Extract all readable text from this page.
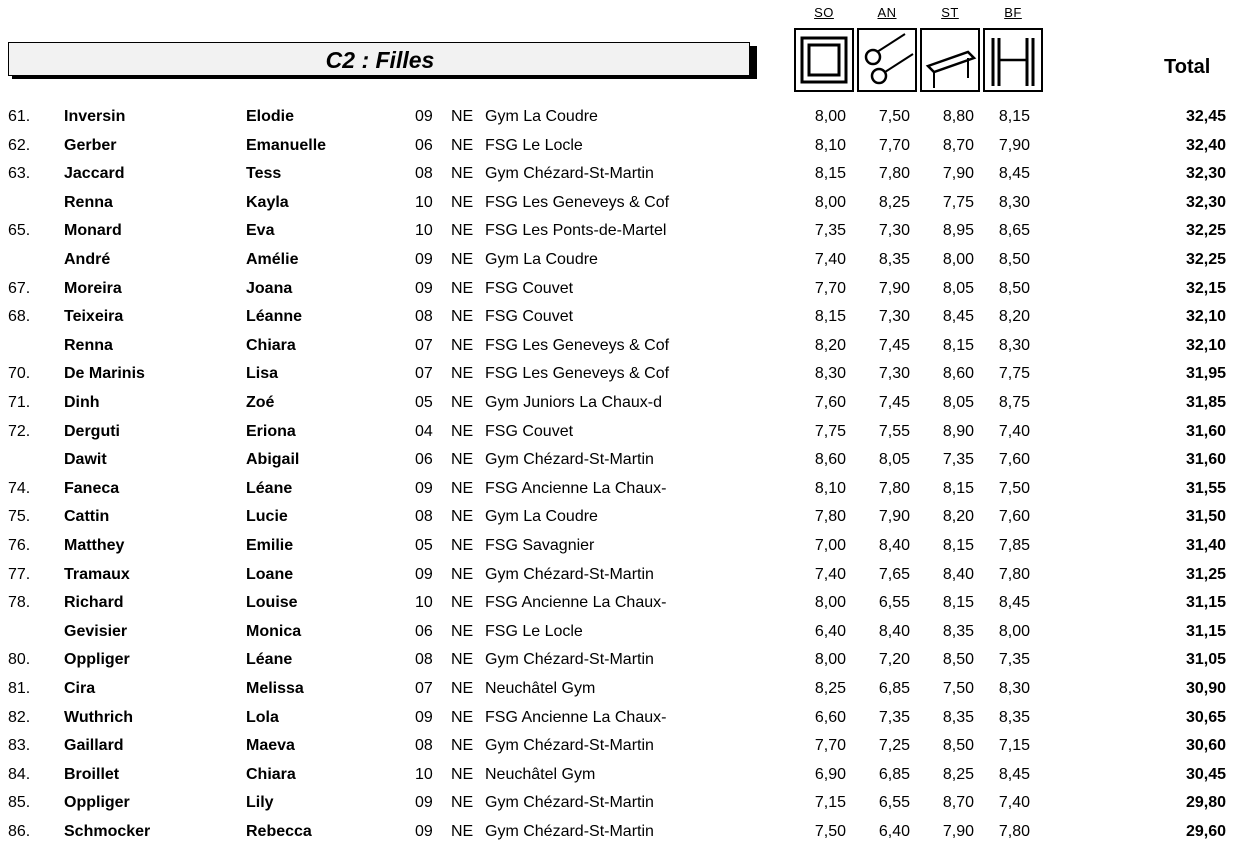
C2 : Filles
SO	AN	ST	BF
Total
61. Inversin	Elodie	09 NE Gym La Coudre	8,00	7,50	8,80	8,15	32,45
62. Gerber	Emanuelle	06 NE FSG Le Locle	8,10	7,70	8,70	7,90	32,40
63. Jaccard	Tess	08 NE Gym Chézard-St-Martin	8,15	7,80	7,90	8,45	32,30
Renna	Kayla	10 NE FSG Les Geneveys & Cof	8,00	8,25	7,75	8,30	32,30
65. Monard	Eva	10 NE FSG Les Ponts-de-Martel	7,35	7,30	8,95	8,65	32,25
André	Amélie	09 NE Gym La Coudre	7,40	8,35	8,00	8,50	32,25
67. Moreira	Joana	09 NE FSG Couvet	7,70	7,90	8,05	8,50	32,15
68. Teixeira	Léanne	08 NE FSG Couvet	8,15	7,30	8,45	8,20	32,10
Renna	Chiara	07 NE FSG Les Geneveys & Cof	8,20	7,45	8,15	8,30	32,10
70. De Marinis	Lisa	07 NE FSG Les Geneveys & Cof	8,30	7,30	8,60	7,75	31,95
71. Dinh	Zoé	05 NE Gym Juniors La Chaux-d	7,60	7,45	8,05	8,75	31,85
72. Derguti	Eriona	04 NE FSG Couvet	7,75	7,55	8,90	7,40	31,60
Dawit	Abigail	06 NE Gym Chézard-St-Martin	8,60	8,05	7,35	7,60	31,60
74. Faneca	Léane	09 NE FSG Ancienne La Chaux-	8,10	7,80	8,15	7,50	31,55
75. Cattin	Lucie	08 NE Gym La Coudre	7,80	7,90	8,20	7,60	31,50
76. Matthey	Emilie	05 NE FSG Savagnier	7,00	8,40	8,15	7,85	31,40
77. Tramaux	Loane	09 NE Gym Chézard-St-Martin	7,40	7,65	8,40	7,80	31,25
78. Richard	Louise	10 NE FSG Ancienne La Chaux-	8,00	6,55	8,15	8,45	31,15
Gevisier	Monica	06 NE FSG Le Locle	6,40	8,40	8,35	8,00	31,15
80. Oppliger	Léane	08 NE Gym Chézard-St-Martin	8,00	7,20	8,50	7,35	31,05
81. Cira	Melissa	07 NE Neuchâtel Gym	8,25	6,85	7,50	8,30	30,90
82. Wuthrich	Lola	09 NE FSG Ancienne La Chaux-	6,60	7,35	8,35	8,35	30,65
83. Gaillard	Maeva	08 NE Gym Chézard-St-Martin	7,70	7,25	8,50	7,15	30,60
84. Broillet	Chiara	10 NE Neuchâtel Gym	6,90	6,85	8,25	8,45	30,45
85. Oppliger	Lily	09 NE Gym Chézard-St-Martin	7,15	6,55	8,70	7,40	29,80
86. Schmocker	Rebecca	09 NE Gym Chézard-St-Martin	7,50	6,40	7,90	7,80	29,60
